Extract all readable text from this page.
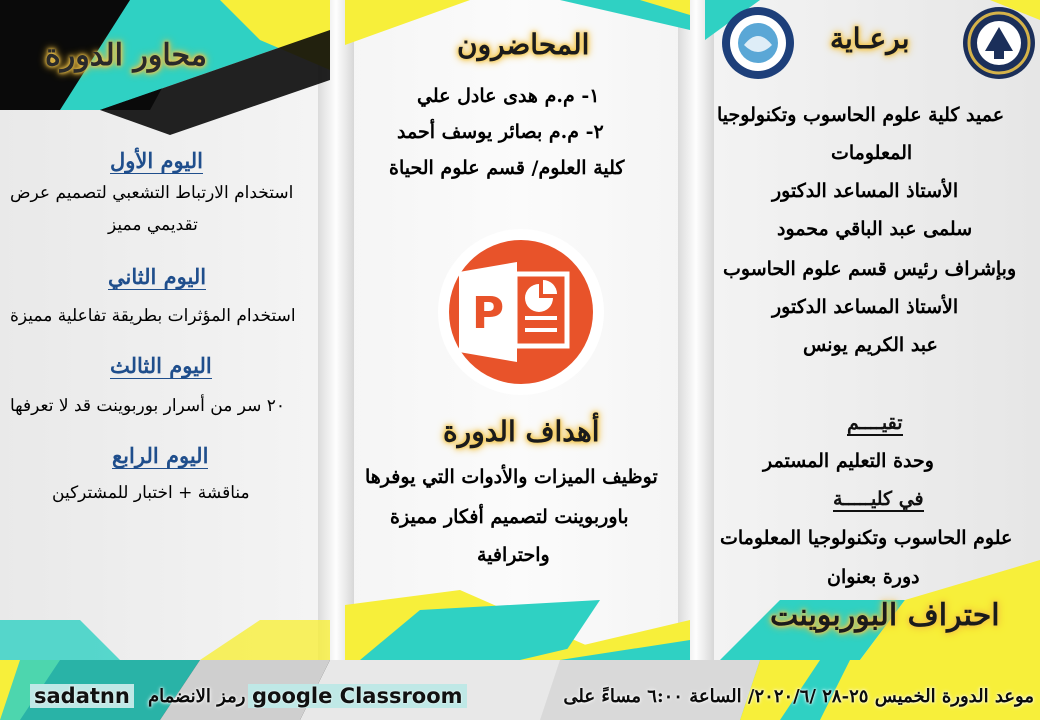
محاور الدورة
اليوم الأول
استخدام الارتباط التشعبي لتصميم عرض
تقديمي مميز
اليوم الثاني
استخدام المؤثرات بطريقة تفاعلية مميزة
اليوم الثالث
٢٠ سر من أسرار بوربوينت قد لا تعرفها
اليوم الرابع
مناقشة + اختبار للمشتركين
المحاضرون
١- م.م هدى عادل علي
٢- م.م بصائر يوسف أحمد
كلية العلوم/ قسم علوم الحياة
P
أهداف الدورة
توظيف الميزات والأدوات التي يوفرها
باوربوينت لتصميم أفكار مميزة
واحترافية
برعـاية
عميد كلية علوم الحاسوب وتكنولوجيا
المعلومات
الأستاذ المساعد الدكتور
سلمى عبد الباقي محمود
وبإشراف رئيس قسم علوم الحاسوب
الأستاذ المساعد الدكتور
عبد الكريم يونس
تقيــــم
وحدة التعليم المستمر
في كليـــــة
علوم الحاسوب وتكنولوجيا المعلومات
دورة بعنوان
احتراف البوربوينت
موعد الدورة الخميس ٢٥-٢٨ /٢٠٢٠/٦/ الساعة ٦:٠٠ مساءً على
google Classroom
رمز الانضمام
sadatnn
